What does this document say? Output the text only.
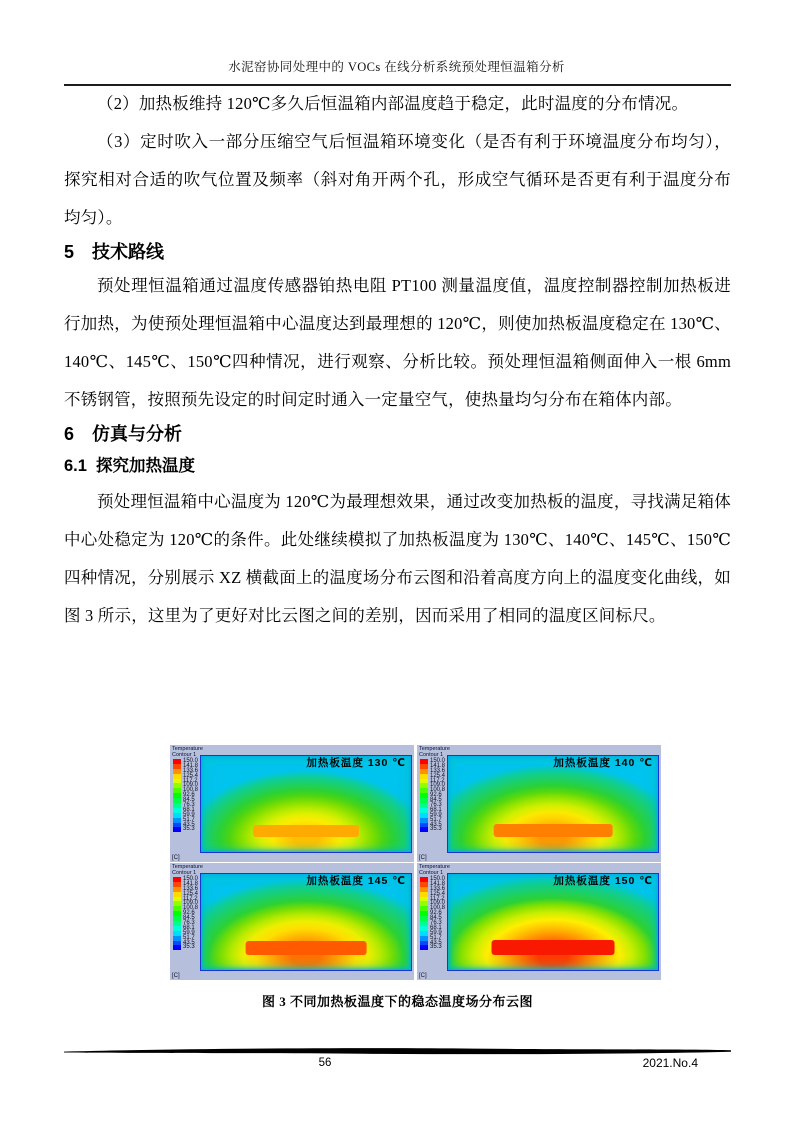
水泥窑协同处理中的 VOCs 在线分析系统预处理恒温箱分析

（2）加热板维持 120℃多久后恒温箱内部温度趋于稳定，此时温度的分布情况。

（3）定时吹入一部分压缩空气后恒温箱环境变化（是否有利于环境温度分布均匀），探究相对合适的吹气位置及频率（斜对角开两个孔，形成空气循环是否更有利于温度分布均匀）。

5 技术路线

预处理恒温箱通过温度传感器铂热电阻 PT100 测量温度值，温度控制器控制加热板进行加热，为使预处理恒温箱中心温度达到最理想的 120℃，则使加热板温度稳定在 130℃、140℃、145℃、150℃四种情况，进行观察、分析比较。预处理恒温箱侧面伸入一根 6mm 不锈钢管，按照预先设定的时间定时通入一定量空气，使热量均匀分布在箱体内部。

6 仿真与分析
6.1 探究加热温度

预处理恒温箱中心温度为 120℃为最理想效果，通过改变加热板的温度，寻找满足箱体中心处稳定为 120℃的条件。此处继续模拟了加热板温度为 130℃、140℃、145℃、150℃四种情况，分别展示 XZ 横截面上的温度场分布云图和沿着高度方向上的温度变化曲线，如图 3 所示，这里为了更好对比云图之间的差别，因而采用了相同的温度区间标尺。

Temperature
Contour 1
150.0
141.8
133.6
125.4
117.2
109.0
100.8
92.6
84.5
76.3
68.1
59.9
51.7
43.5
35.3
[C]
加热板温度 130 ℃
Temperature
Contour 1
150.0
141.8
133.6
125.4
117.2
109.0
100.8
92.6
84.5
76.3
68.1
59.9
51.7
43.5
35.3
[C]
加热板温度 140 ℃
Temperature
Contour 1
150.0
141.8
133.6
125.4
117.2
109.0
100.8
92.6
84.5
76.3
68.1
59.9
51.7
43.5
35.3
[C]
加热板温度 145 ℃
Temperature
Contour 1
150.0
141.8
133.6
125.4
117.2
109.0
100.8
92.6
84.5
76.3
68.1
59.9
51.7
43.5
35.3
[C]
加热板温度 150 ℃
图 3 不同加热板温度下的稳态温度场分布云图
56	2021.No.4
